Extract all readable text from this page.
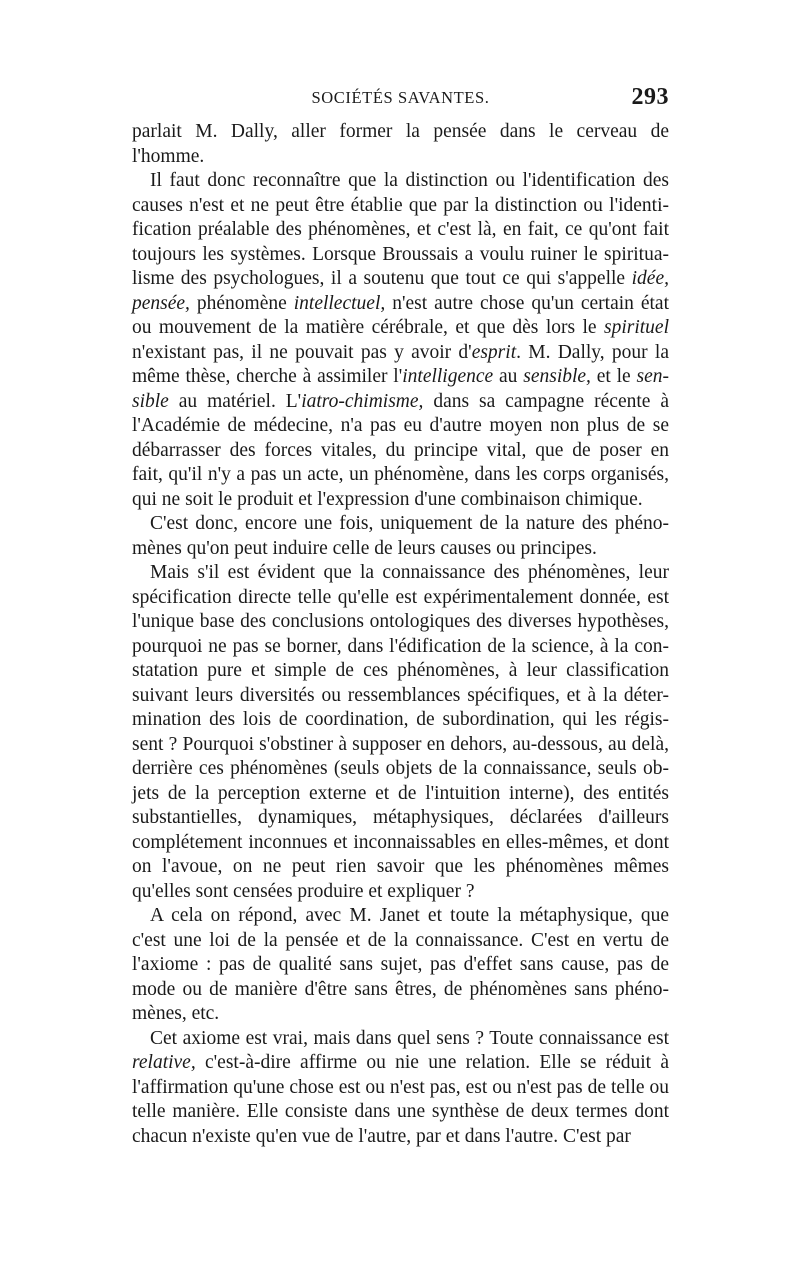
SOCIÉTÉS SAVANTES.	293
parlait M. Dally, aller former la pensée dans le cerveau de
l'homme.
Il faut donc reconnaître que la distinction ou l'identification des
causes n'est et ne peut être établie que par la distinction ou l'identi-
fication préalable des phénomènes, et c'est là, en fait, ce qu'ont fait
toujours les systèmes. Lorsque Broussais a voulu ruiner le spiritua-
lisme des psychologues, il a soutenu que tout ce qui s'appelle idée,
pensée, phénomène intellectuel, n'est autre chose qu'un certain état
ou mouvement de la matière cérébrale, et que dès lors le spirituel
n'existant pas, il ne pouvait pas y avoir d'esprit. M. Dally, pour la
même thèse, cherche à assimiler l'intelligence au sensible, et le sen-
sible au matériel. L'iatro-chimisme, dans sa campagne récente à
l'Académie de médecine, n'a pas eu d'autre moyen non plus de se
débarrasser des forces vitales, du principe vital, que de poser en
fait, qu'il n'y a pas un acte, un phénomène, dans les corps organisés,
qui ne soit le produit et l'expression d'une combinaison chimique.
C'est donc, encore une fois, uniquement de la nature des phéno-
mènes qu'on peut induire celle de leurs causes ou principes.
Mais s'il est évident que la connaissance des phénomènes, leur
spécification directe telle qu'elle est expérimentalement donnée, est
l'unique base des conclusions ontologiques des diverses hypothèses,
pourquoi ne pas se borner, dans l'édification de la science, à la con-
statation pure et simple de ces phénomènes, à leur classification
suivant leurs diversités ou ressemblances spécifiques, et à la déter-
mination des lois de coordination, de subordination, qui les régis-
sent ? Pourquoi s'obstiner à supposer en dehors, au-dessous, au delà,
derrière ces phénomènes (seuls objets de la connaissance, seuls ob-
jets de la perception externe et de l'intuition interne), des entités
substantielles, dynamiques, métaphysiques, déclarées d'ailleurs
complétement inconnues et inconnaissables en elles-mêmes, et dont
on l'avoue, on ne peut rien savoir que les phénomènes mêmes
qu'elles sont censées produire et expliquer ?
A cela on répond, avec M. Janet et toute la métaphysique, que
c'est une loi de la pensée et de la connaissance. C'est en vertu de
l'axiome : pas de qualité sans sujet, pas d'effet sans cause, pas de
mode ou de manière d'être sans êtres, de phénomènes sans phéno-
mènes, etc.
Cet axiome est vrai, mais dans quel sens ? Toute connaissance est
relative, c'est-à-dire affirme ou nie une relation. Elle se réduit à
l'affirmation qu'une chose est ou n'est pas, est ou n'est pas de telle ou
telle manière. Elle consiste dans une synthèse de deux termes dont
chacun n'existe qu'en vue de l'autre, par et dans l'autre. C'est par
